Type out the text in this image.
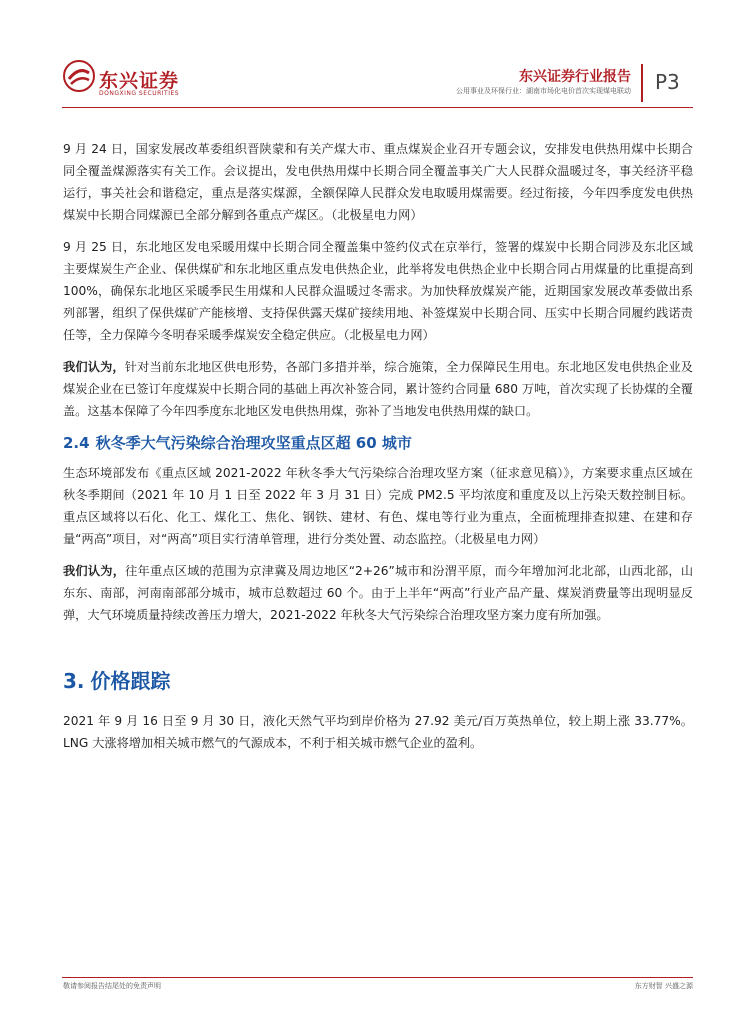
东兴证券
DONGXING SECURITIES
东兴证券行业报告
公用事业及环保行业：湖南市场化电价首次实现煤电联动 P3

9 月 24 日，国家发展改革委组织晋陕蒙和有关产煤大市、重点煤炭企业召开专题会议，安排发电供热用煤中长期合同全覆盖煤源落实有关工作。会议提出，发电供热用煤中长期合同全覆盖事关广大人民群众温暖过冬，事关经济平稳运行，事关社会和谐稳定，重点是落实煤源，全额保障人民群众发电取暖用煤需要。经过衔接，今年四季度发电供热煤炭中长期合同煤源已全部分解到各重点产煤区。（北极星电力网）

9 月 25 日，东北地区发电采暖用煤中长期合同全覆盖集中签约仪式在京举行，签署的煤炭中长期合同涉及东北区域主要煤炭生产企业、保供煤矿和东北地区重点发电供热企业，此举将发电供热企业中长期合同占用煤量的比重提高到 100%，确保东北地区采暖季民生用煤和人民群众温暖过冬需求。为加快释放煤炭产能，近期国家发展改革委做出系列部署，组织了保供煤矿产能核增、支持保供露天煤矿接续用地、补签煤炭中长期合同、压实中长期合同履约践诺责任等，全力保障今冬明春采暖季煤炭安全稳定供应。（北极星电力网）

我们认为，针对当前东北地区供电形势，各部门多措并举，综合施策，全力保障民生用电。东北地区发电供热企业及煤炭企业在已签订年度煤炭中长期合同的基础上再次补签合同，累计签约合同量 680 万吨，首次实现了长协煤的全覆盖。这基本保障了今年四季度东北地区发电供热用煤，弥补了当地发电供热用煤的缺口。

2.4 秋冬季大气污染综合治理攻坚重点区超 60 城市

生态环境部发布《重点区域 2021-2022 年秋冬季大气污染综合治理攻坚方案（征求意见稿）》，方案要求重点区域在秋冬季期间（2021 年 10 月 1 日至 2022 年 3 月 31 日）完成 PM2.5 平均浓度和重度及以上污染天数控制目标。重点区域将以石化、化工、煤化工、焦化、钢铁、建材、有色、煤电等行业为重点，全面梳理排查拟建、在建和存量“两高”项目，对“两高”项目实行清单管理，进行分类处置、动态监控。（北极星电力网）

我们认为，往年重点区域的范围为京津冀及周边地区“2+26”城市和汾渭平原，而今年增加河北北部，山西北部，山东东、南部，河南南部部分城市，城市总数超过 60 个。由于上半年“两高”行业产品产量、煤炭消费量等出现明显反弹，大气环境质量持续改善压力增大，2021-2022 年秋冬大气污染综合治理攻坚方案力度有所加强。

3. 价格跟踪

2021 年 9 月 16 日至 9 月 30 日，液化天然气平均到岸价格为 27.92 美元/百万英热单位，较上期上涨 33.77%。LNG 大涨将增加相关城市燃气的气源成本，不利于相关城市燃气企业的盈利。

敬请参阅报告结尾处的免责声明	东方财智 兴盛之源
